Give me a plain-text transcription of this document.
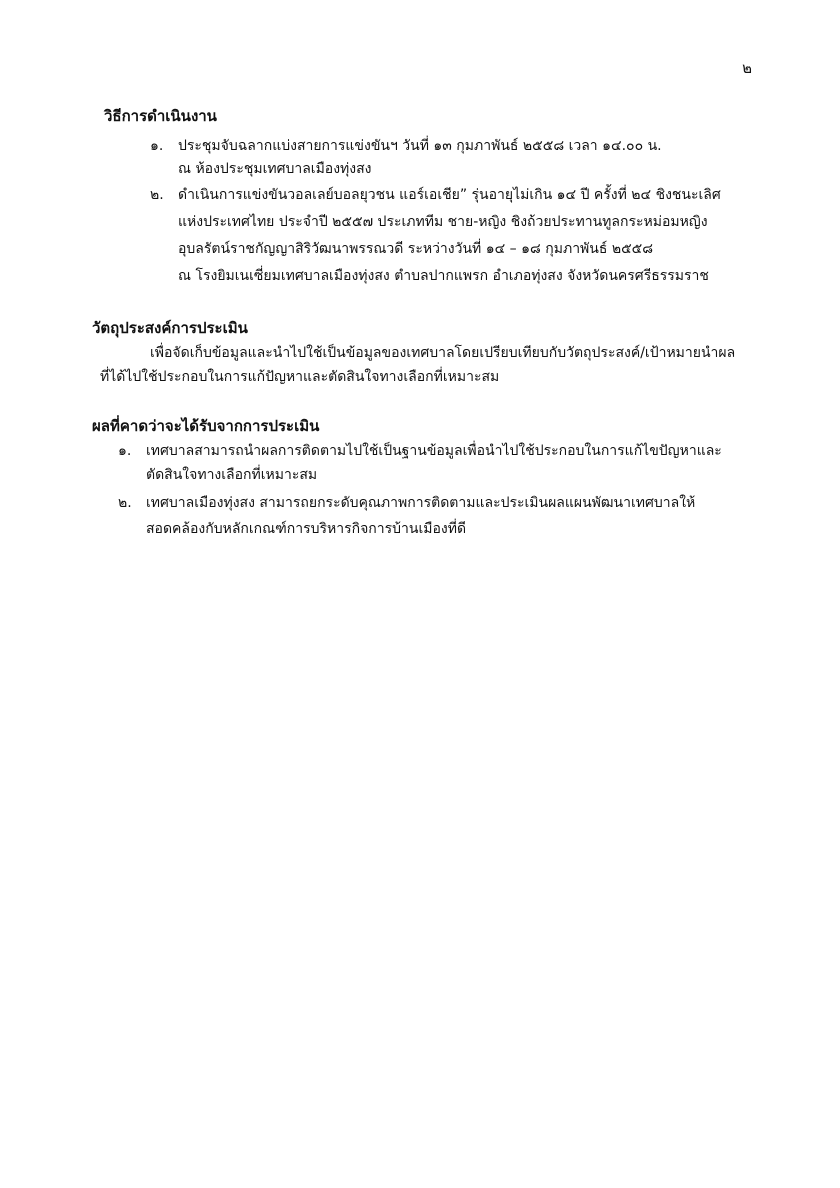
๒
วิธีการดำเนินงาน
๑. ประชุมจับฉลากแบ่งสายการแข่งขันฯ วันที่ ๑๓ กุมภาพันธ์ ๒๕๕๘ เวลา ๑๔.๐๐ น.
ณ ห้องประชุมเทศบาลเมืองทุ่งสง
๒. ดำเนินการแข่งขันวอลเลย์บอลยุวชน แอร์เอเชีย” รุ่นอายุไม่เกิน ๑๔ ปี ครั้งที่ ๒๔ ชิงชนะเลิศ
แห่งประเทศไทย ประจำปี ๒๕๕๗ ประเภททีม ชาย-หญิง ชิงถ้วยประทานทูลกระหม่อมหญิง
อุบลรัตน์ราชกัญญาสิริวัฒนาพรรณวดี ระหว่างวันที่ ๑๔ – ๑๘ กุมภาพันธ์ ๒๕๕๘
ณ โรงยิมเนเซี่ยมเทศบาลเมืองทุ่งสง ตำบลปากแพรก อำเภอทุ่งสง จังหวัดนครศรีธรรมราช
วัตถุประสงค์การประเมิน
เพื่อจัดเก็บข้อมูลและนำไปใช้เป็นข้อมูลของเทศบาลโดยเปรียบเทียบกับวัตถุประสงค์/เป้าหมายนำผล
ที่ได้ไปใช้ประกอบในการแก้ปัญหาและตัดสินใจทางเลือกที่เหมาะสม
ผลที่คาดว่าจะได้รับจากการประเมิน
๑. เทศบาลสามารถนำผลการติดตามไปใช้เป็นฐานข้อมูลเพื่อนำไปใช้ประกอบในการแก้ไขปัญหาและ
ตัดสินใจทางเลือกที่เหมาะสม
๒. เทศบาลเมืองทุ่งสง สามารถยกระดับคุณภาพการติดตามและประเมินผลแผนพัฒนาเทศบาลให้
สอดคล้องกับหลักเกณฑ์การบริหารกิจการบ้านเมืองที่ดี
